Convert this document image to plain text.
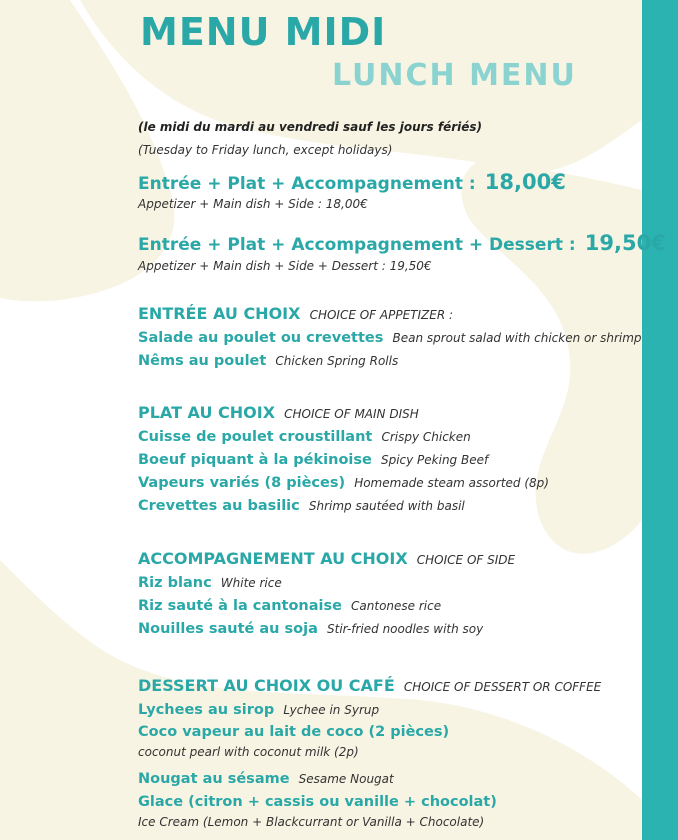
MENU MIDI
LUNCH MENU
(le midi du mardi au vendredi sauf les jours fériés)
(Tuesday to Friday lunch, except holidays)
Entrée + Plat + Accompagnement : 18,00€
Appetizer + Main dish + Side : 18,00€
Entrée + Plat + Accompagnement + Dessert : 19,50€
Appetizer + Main dish + Side + Dessert : 19,50€
ENTRÉE AU CHOIX CHOICE OF APPETIZER :
Salade au poulet ou crevettes Bean sprout salad with chicken or shrimp
Nêms au poulet Chicken Spring Rolls
PLAT AU CHOIX CHOICE OF MAIN DISH
Cuisse de poulet croustillant Crispy Chicken
Boeuf piquant à la pékinoise Spicy Peking Beef
Vapeurs variés (8 pièces) Homemade steam assorted (8p)
Crevettes au basilic Shrimp sautéed with basil
ACCOMPAGNEMENT AU CHOIX CHOICE OF SIDE
Riz blanc White rice
Riz sauté à la cantonaise Cantonese rice
Nouilles sauté au soja Stir-fried noodles with soy
DESSERT AU CHOIX OU CAFÉ CHOICE OF DESSERT OR COFFEE
Lychees au sirop Lychee in Syrup
Coco vapeur au lait de coco (2 pièces)
coconut pearl with coconut milk (2p)
Nougat au sésame Sesame Nougat
Glace (citron + cassis ou vanille + chocolat)
Ice Cream (Lemon + Blackcurrant or Vanilla + Chocolate)
